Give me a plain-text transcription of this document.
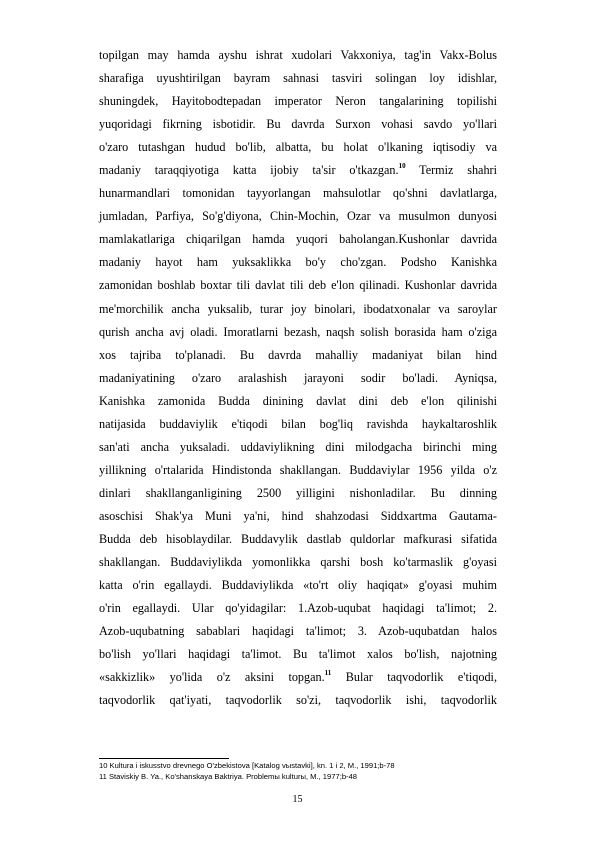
topilgan may hamda ayshu ishrat xudolari Vakxoniya, tag'in Vakx-Bolus
sharafiga uyushtirilgan bayram sahnasi tasviri solingan loy idishlar,
shuningdek, Hayitobodtepadan imperator Neron tangalarining topilishi
yuqoridagi fikrning isbotidir. Bu davrda Surxon vohasi savdo yo'llari
o'zaro tutashgan hudud bo'lib, albatta, bu holat o'lkaning iqtisodiy va
madaniy taraqqiyotiga katta ijobiy ta'sir o'tkazgan.$^{10}$ Termiz shahri
hunarmandlari tomonidan tayyorlangan mahsulotlar qo'shni davlatlarga,
jumladan, Parfiya, So'g'diyona, Chin-Mochin, Ozar va musulmon dunyosi
mamlakatlariga chiqarilgan hamda yuqori baholangan.Kushonlar davrida
madaniy hayot ham yuksaklikka bo'y cho'zgan. Podsho Kanishka
zamonidan boshlab boxtar tili davlat tili deb e'lon qilinadi. Kushonlar davrida
me'morchilik ancha yuksalib, turar joy binolari, ibodatxonalar va saroylar
qurish ancha avj oladi. Imoratlarni bezash, naqsh solish borasida ham o'ziga
xos tajriba to'planadi. Bu davrda mahalliy madaniyat bilan hind
madaniyatining o'zaro aralashish jarayoni sodir bo'ladi. Ayniqsa,
Kanishka zamonida Budda dinining davlat dini deb e'lon qilinishi
natijasida buddaviylik e'tiqodi bilan bog'liq ravishda haykaltaroshlik
san'ati ancha yuksaladi. uddaviylikning dini milodgacha birinchi ming
yillikning o'rtalarida Hindistonda shakllangan. Buddaviylar 1956 yilda o'z
dinlari shakllanganligining 2500 yilligini nishonladilar. Bu dinning
asoschisi Shak'ya Muni ya'ni, hind shahzodasi Siddxartma Gautama-
Budda deb hisoblaydilar. Buddavylik dastlab quldorlar mafkurasi sifatida
shakllangan. Buddaviylikda yomonlikka qarshi bosh ko'tarmaslik g'oyasi
katta o'rin egallaydi. Buddaviylikda «to'rt oliy haqiqat» g'oyasi muhim
o'rin egallaydi. Ular qo'yidagilar: 1.Azob-uqubat haqidagi ta'limot; 2.
Azob-uqubatning sabablari haqidagi ta'limot; 3. Azob-uqubatdan halos
bo'lish yo'llari haqidagi ta'limot. Bu ta'limot xalos bo'lish, najotning
«sakkizlik» yo'lida o'z aksini topgan.$^{11}$ Bular taqvodorlik e'tiqodi,
taqvodorlik qat'iyati, taqvodorlik so'zi, taqvodorlik ishi, taqvodorlik
10 Kultura i iskusstvo drevnego O'zbekistova [Katalog vыstavki], kn. 1 i 2, M., 1991;b-78
11 Staviskiy B. Ya., Ko'shanskaya Baktriya. Problemы kulturы, M., 1977;b-48
15
